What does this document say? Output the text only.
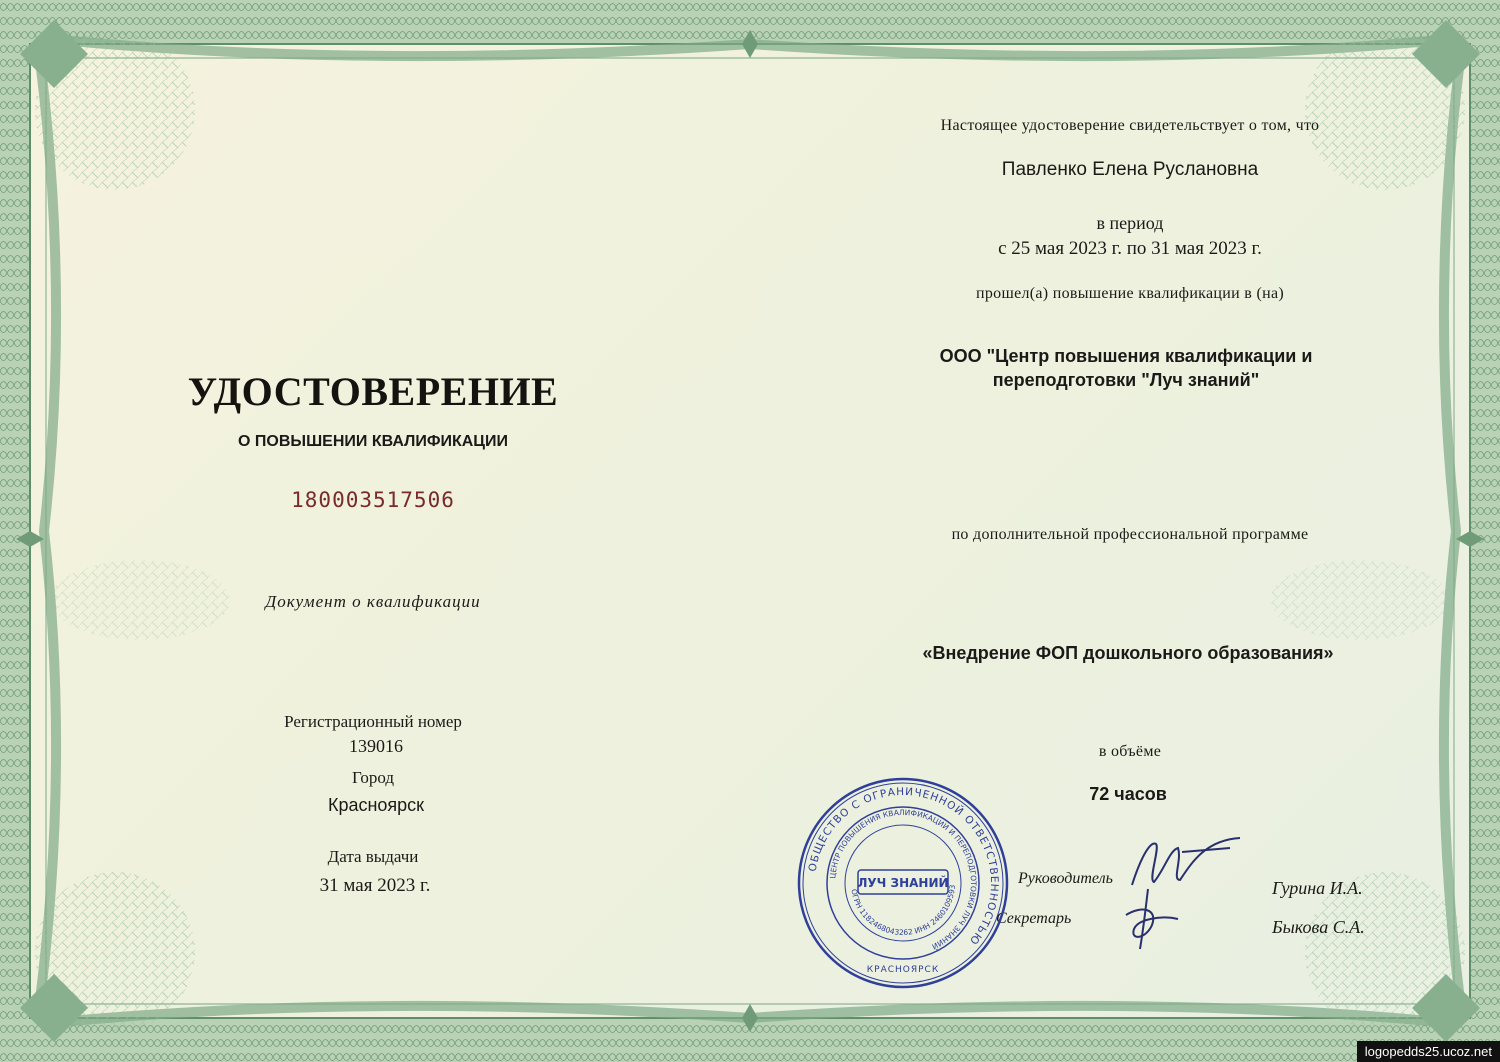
УДОСТОВЕРЕНИЕ
О ПОВЫШЕНИИ КВАЛИФИКАЦИИ
180003517506
Документ о квалификации
Регистрационный номер
139016
Город
Красноярск
Дата выдачи
31 мая 2023 г.
Настоящее удостоверение свидетельствует о том, что
Павленко Елена Руслановна
в период
с 25 мая 2023 г. по 31 мая 2023 г.
прошел(а) повышение квалификации в (на)
ООО "Центр повышения квалификации и
переподготовки "Луч знаний"
по дополнительной профессиональной программе
«Внедрение ФОП дошкольного образования»
в объёме
72 часов
Руководитель
Секретарь
Гурина И.А.
Быкова С.А.
ОБЩЕСТВО С ОГРАНИЧЕННОЙ ОТВЕТСТВЕННОСТЬЮ
ЦЕНТР ПОВЫШЕНИЯ КВАЛИФИКАЦИИ И ПЕРЕПОДГОТОВКИ ЛУЧ ЗНАНИЙ
ОГРН 1182468043262 ИНН 2460109593
ЛУЧ ЗНАНИЙ
КРАСНОЯРСК
logopedds25.ucoz.net
